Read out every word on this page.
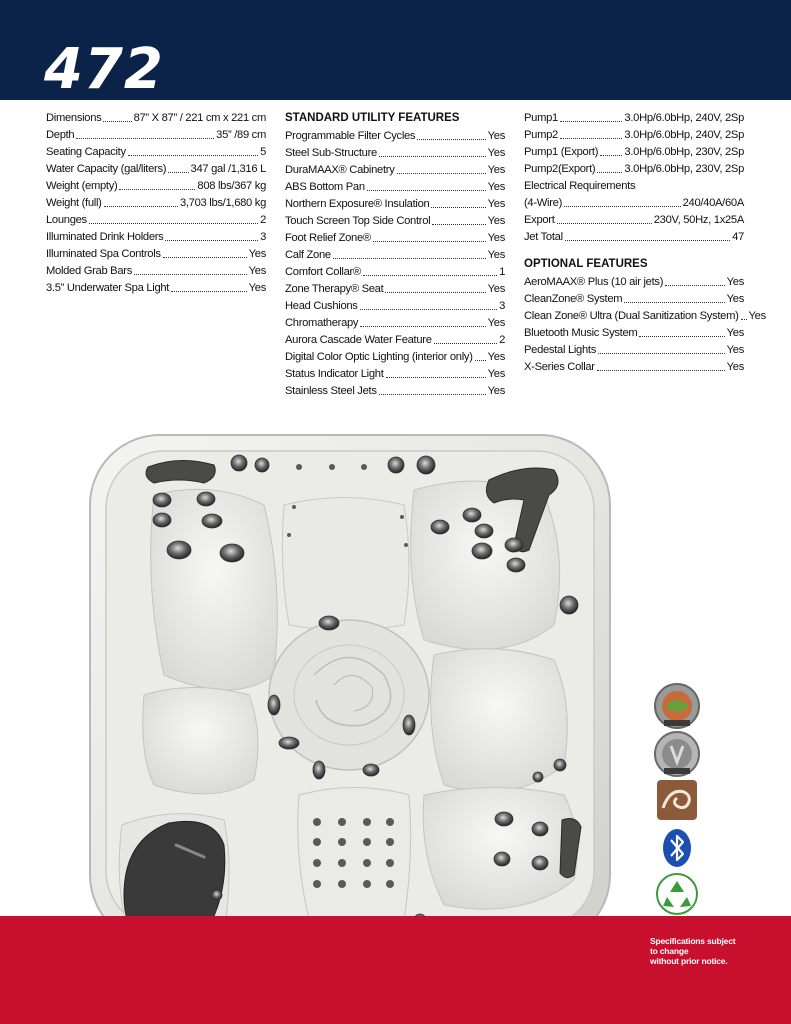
472
Dimensions	87” X 87” / 221 cm x 221 cm
Depth	35” /89 cm
Seating Capacity	5
Water Capacity (gal/liters) 347 gal /1,316 L
Weight (empty)	808 lbs/367 kg
Weight (full)	3,703 lbs/1,680 kg
Lounges	2
Illuminated Drink Holders	3
Illuminated Spa Controls	Yes
Molded Grab Bars	Yes
3.5” Underwater Spa Light	Yes
STANDARD UTILITY FEATURES
Programmable Filter Cycles	Yes
Steel Sub-Structure	Yes
DuraMAAX® Cabinetry	Yes
ABS Bottom Pan	Yes
Northern Exposure® Insulation	Yes
Touch Screen Top Side Control	Yes
Foot Relief Zone®	Yes
Calf Zone	Yes
Comfort Collar®	1
Zone Therapy® Seat	Yes
Head Cushions	3
Chromatherapy	Yes
Aurora Cascade Water Feature	2
Digital Color Optic Lighting (interior only) Yes
Status Indicator Light	Yes
Stainless Steel Jets	Yes
Pump1	3.0Hp/6.0bHp, 240V, 2Sp
Pump2	3.0Hp/6.0bHp, 240V, 2Sp
Pump1 (Export) 3.0Hp/6.0bHp, 230V, 2Sp
Pump2(Export)	3.0Hp/6.0bHp, 230V, 2Sp
Electrical Requirements
(4-Wire)	240/40A/60A
Export	230V, 50Hz, 1x25A
Jet Total	47
OPTIONAL FEATURES
AeroMAAX® Plus (10 air jets)	Yes
CleanZone® System	Yes
Clean Zone® Ultra (Dual Sanitization System) Yes
Bluetooth Music System	Yes
Pedestal Lights	Yes
X-Series Collar	Yes
Specifications subject
to change
without prior notice.
